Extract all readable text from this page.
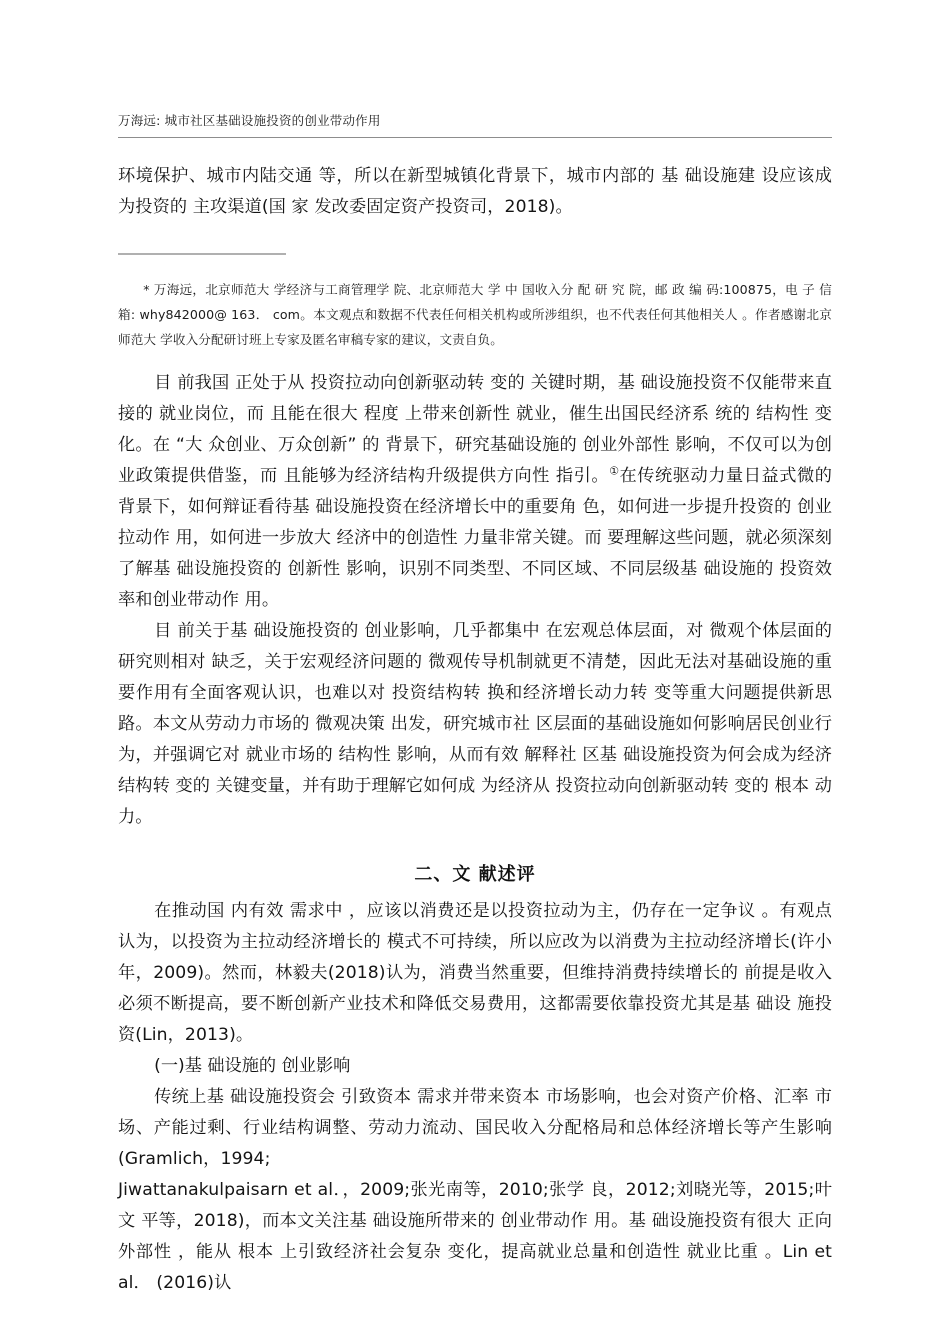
万海远: 城市社区基础设施投资的创业带动作用

环境保护、城市内陆交通 等，所以在新型城镇化背景下，城市内部的 基 础设施建 设应该成 为投资的 主攻渠道(国 家 发改委固定资产投资司，2018)。

* 万海远，北京师范大 学经济与工商管理学 院、北京师范大 学 中 国收入分 配 研 究 院，邮 政 编 码:100875，电 子 信箱: why842000@ 163． com。本文观点和数据不代表任何相关机构或所涉组织，也不代表任何其他相关人 。作者感谢北京师范大 学收入分配研讨班上专家及匿名审稿专家的建议，文责自负。

目 前我国 正处于从 投资拉动向创新驱动转 变的 关键时期，基 础设施投资不仅能带来直接的 就业岗位，而 且能在很大 程度 上带来创新性 就业，催生出国民经济系 统的 结构性 变化。在 “大 众创业、万众创新” 的 背景下，研究基础设施的 创业外部性 影响，不仅可以为创业政策提供借鉴，而 且能够为经济结构升级提供方向性 指引。①在传统驱动力量日益式微的 背景下，如何辩证看待基 础设施投资在经济增长中的重要角 色，如何进一步提升投资的 创业拉动作 用，如何进一步放大 经济中的创造性 力量非常关键。而 要理解这些问题，就必须深刻了解基 础设施投资的 创新性 影响，识别不同类型、不同区域、不同层级基 础设施的 投资效率和创业带动作 用。

目 前关于基 础设施投资的 创业影响，几乎都集中 在宏观总体层面，对 微观个体层面的研究则相对 缺乏，关于宏观经济问题的 微观传导机制就更不清楚，因此无法对基础设施的重要作用有全面客观认识，也难以对 投资结构转 换和经济增长动力转 变等重大问题提供新思路。本文从劳动力市场的 微观决策 出发，研究城市社 区层面的基础设施如何影响居民创业行为，并强调它对 就业市场的 结构性 影响，从而有效 解释社 区基 础设施投资为何会成为经济结构转 变的 关键变量，并有助于理解它如何成 为经济从 投资拉动向创新驱动转 变的 根本 动力。

二、文 献述评

在推动国 内有效 需求中 ，应该以消费还是以投资拉动为主，仍存在一定争议 。有观点认为，以投资为主拉动经济增长的 模式不可持续，所以应改为以消费为主拉动经济增长(许小年，2009)。然而，林毅夫(2018)认为，消费当然重要，但维持消费持续增长的 前提是收入必须不断提高，要不断创新产业技术和降低交易费用，这都需要依靠投资尤其是基 础设 施投资(Lin，2013)。

(一)基 础设施的 创业影响

传统上基 础设施投资会 引致资本 需求并带来资本 市场影响，也会对资产价格、汇率 市场、产能过剩、行业结构调整、劳动力流动、国民收入分配格局和总体经济增长等产生影响(Gramlich，1994;

Jiwattanakulpaisarn et al．，2009;张光南等，2010;张学 良，2012;刘晓光等，2015;叶文 平等，2018)，而本文关注基 础设施所带来的 创业带动作 用。基 础设施投资有很大 正向外部性 ，能从 根本 上引致经济社会复杂 变化，提高就业总量和创造性 就业比重 。Lin et al． (2016)认
